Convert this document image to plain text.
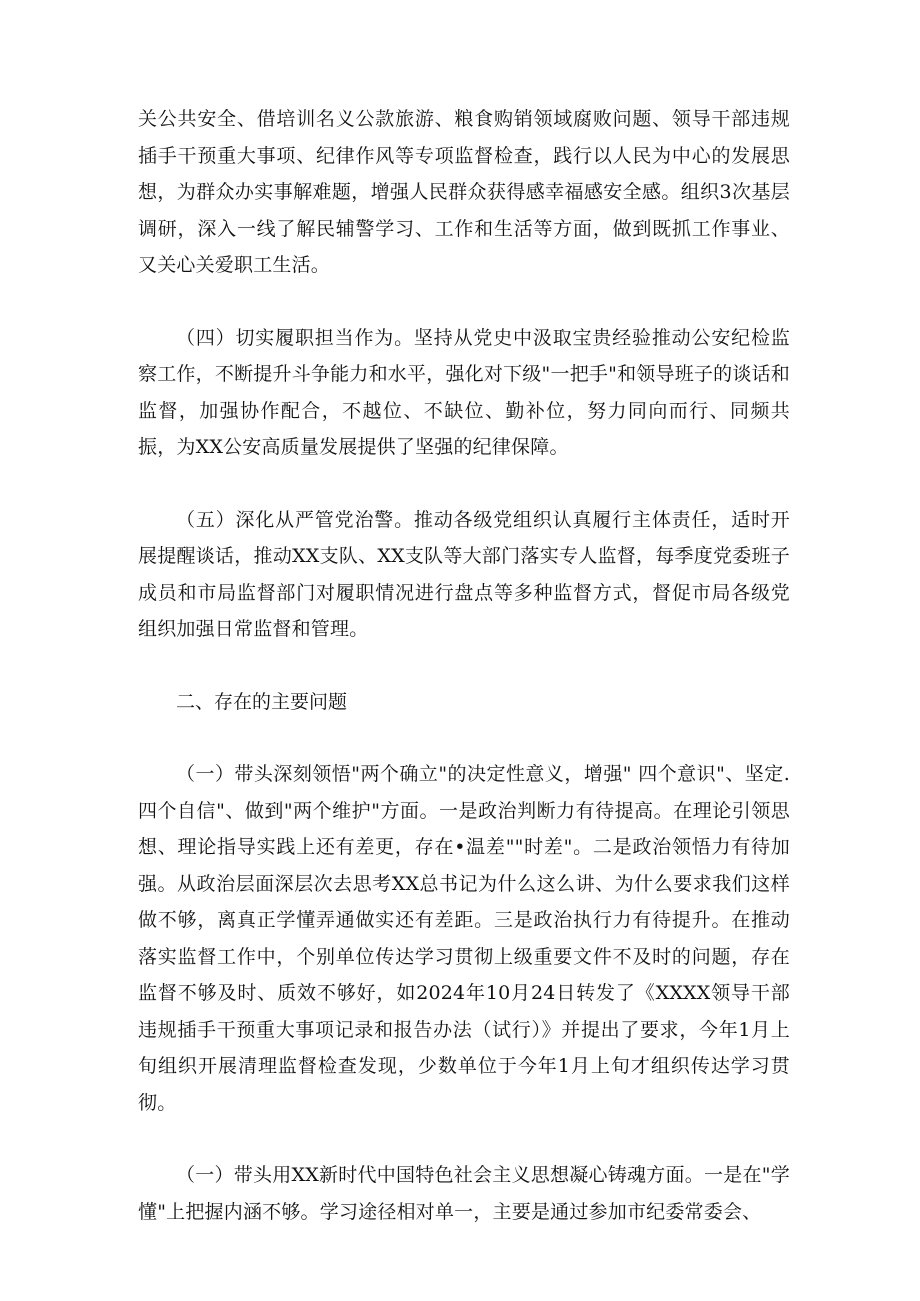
关公共安全、借培训名义公款旅游、粮食购销领域腐败问题、领导干部违规插手干预重大事项、纪律作风等专项监督检查，践行以人民为中心的发展思想，为群众办实事解难题，增强人民群众获得感幸福感安全感。组织3次基层调研，深入一线了解民辅警学习、工作和生活等方面，做到既抓工作事业、又关心关爱职工生活。

（四）切实履职担当作为。坚持从党史中汲取宝贵经验推动公安纪检监察工作，不断提升斗争能力和水平，强化对下级"一把手"和领导班子的谈话和监督，加强协作配合，不越位、不缺位、勤补位，努力同向而行、同频共振，为XX公安高质量发展提供了坚强的纪律保障。

（五）深化从严管党治警。推动各级党组织认真履行主体责任，适时开展提醒谈话，推动XX支队、XX支队等大部门落实专人监督，每季度党委班子成员和市局监督部门对履职情况进行盘点等多种监督方式，督促市局各级党组织加强日常监督和管理。

二、存在的主要问题

（一）带头深刻领悟"两个确立"的决定性意义，增强" 四个意识"、坚定.四个自信"、做到"两个维护"方面。一是政治判断力有待提高。在理论引领思想、理论指导实践上还有差更，存在•温差""时差"。二是政治领悟力有待加强。从政治层面深层次去思考XX总书记为什么这么讲、为什么要求我们这样做不够，离真正学懂弄通做实还有差距。三是政治执行力有待提升。在推动落实监督工作中，个别单位传达学习贯彻上级重要文件不及时的问题，存在监督不够及时、质效不够好，如2024年10月24日转发了《XXXX领导干部违规插手干预重大事项记录和报告办法（试行）》并提出了要求，今年1月上旬组织开展清理监督检查发现，少数单位于今年1月上旬才组织传达学习贯彻。

（一）带头用XX新时代中国特色社会主义思想凝心铸魂方面。一是在"学懂"上把握内涵不够。学习途径相对单一，主要是通过参加市纪委常委会、
